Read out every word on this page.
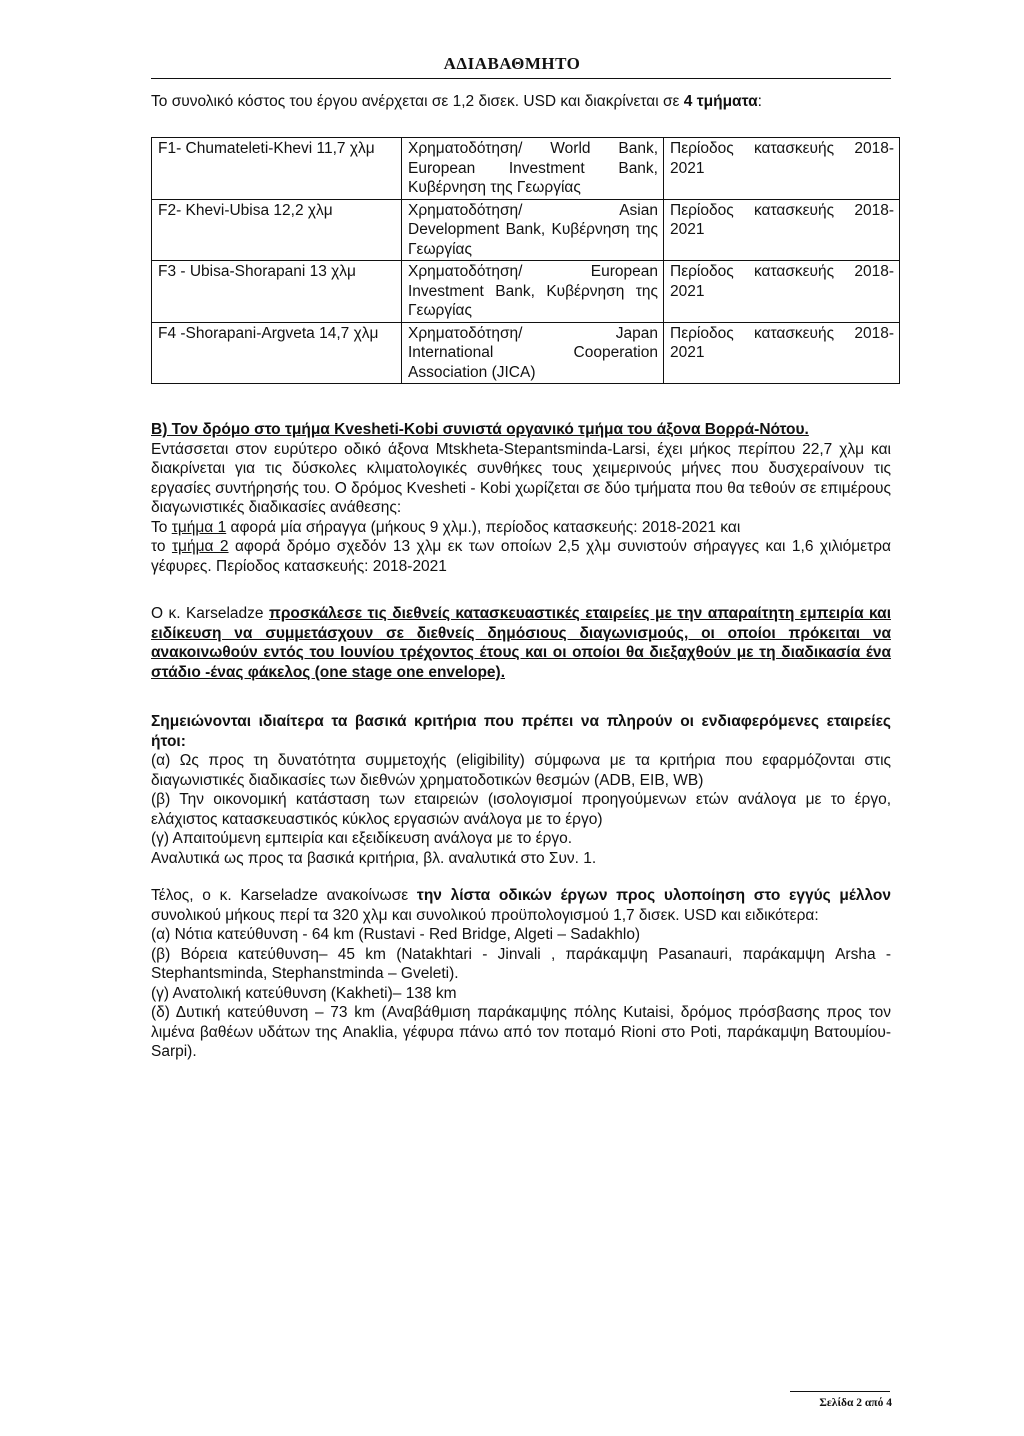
ΑΔΙΑΒΑΘΜΗΤΟ
Το συνολικό κόστος του έργου ανέρχεται σε 1,2 δισεκ. USD και διακρίνεται σε 4 τμήματα:
F1- Chumateleti-Khevi 11,7 χλμ	Χρηματοδότηση/ World Bank, European Investment Bank, Κυβέρνηση της Γεωργίας	Περίοδος κατασκευής 2018-2021
F2- Khevi-Ubisa 12,2 χλμ	Χρηματοδότηση/ Asian Development Bank, Κυβέρνηση της Γεωργίας	Περίοδος κατασκευής 2018-2021
F3 - Ubisa-Shorapani 13 χλμ	Χρηματοδότηση/ European Investment Bank, Κυβέρνηση της Γεωργίας	Περίοδος κατασκευής 2018-2021
F4 -Shorapani-Argveta 14,7 χλμ	Χρηματοδότηση/ Japan International Cooperation Association (JICA)	Περίοδος κατασκευής 2018-2021

Β) Τον δρόμο στο τμήμα Kvesheti-Kobi συνιστά οργανικό τμήμα του άξονα Βορρά-Νότου.

Εντάσσεται στον ευρύτερο οδικό άξονα Mtskheta-Stepantsminda-Larsi, έχει μήκος περίπου 22,7 χλμ και διακρίνεται για τις δύσκολες κλιματολογικές συνθήκες τους χειμερινούς μήνες που δυσχεραίνουν τις εργασίες συντήρησής του. Ο δρόμος Kvesheti - Kobi χωρίζεται σε δύο τμήματα που θα τεθούν σε επιμέρους διαγωνιστικές διαδικασίες ανάθεσης:

Το τμήμα 1 αφορά μία σήραγγα (μήκους 9 χλμ.), περίοδος κατασκευής: 2018-2021 και

το τμήμα 2 αφορά δρόμο σχεδόν 13 χλμ εκ των οποίων 2,5 χλμ συνιστούν σήραγγες και 1,6 χιλιόμετρα γέφυρες. Περίοδος κατασκευής: 2018-2021

Ο κ. Karseladze προσκάλεσε τις διεθνείς κατασκευαστικές εταιρείες με την απαραίτητη εμπειρία και ειδίκευση να συμμετάσχουν σε διεθνείς δημόσιους διαγωνισμούς, οι οποίοι πρόκειται να ανακοινωθούν εντός του Ιουνίου τρέχοντος έτους και οι οποίοι θα διεξαχθούν με τη διαδικασία ένα στάδιο -ένας φάκελος (one stage one envelope).

Σημειώνονται ιδιαίτερα τα βασικά κριτήρια που πρέπει να πληρούν οι ενδιαφερόμενες εταιρείες ήτοι:

(α) Ως προς τη δυνατότητα συμμετοχής (eligibility) σύμφωνα με τα κριτήρια που εφαρμόζονται στις διαγωνιστικές διαδικασίες των διεθνών χρηματοδοτικών θεσμών (ADB, EIB, WB)

(β) Την οικονομική κατάσταση των εταιρειών (ισολογισμοί προηγούμενων ετών ανάλογα με το έργο, ελάχιστος κατασκευαστικός κύκλος εργασιών ανάλογα με το έργο)

(γ) Απαιτούμενη εμπειρία και εξειδίκευση ανάλογα με το έργο.

Αναλυτικά ως προς τα βασικά κριτήρια, βλ. αναλυτικά στο Συν. 1.

Τέλος, ο κ. Karseladze ανακοίνωσε την λίστα οδικών έργων προς υλοποίηση στο εγγύς μέλλον συνολικού μήκους περί τα 320 χλμ και συνολικού προϋπολογισμού 1,7 δισεκ. USD και ειδικότερα:

(α) Νότια κατεύθυνση - 64 km (Rustavi - Red Bridge, Algeti – Sadakhlo)

(β) Βόρεια κατεύθυνση– 45 km (Natakhtari - Jinvali , παράκαμψη Pasanauri, παράκαμψη Arsha - Stephantsminda, Stephanstminda – Gveleti).

(γ) Ανατολική κατεύθυνση (Kakheti)– 138 km

(δ) Δυτική κατεύθυνση – 73 km (Αναβάθμιση παράκαμψης πόλης Kutaisi, δρόμος πρόσβασης προς τον λιμένα βαθέων υδάτων της Anaklia, γέφυρα πάνω από τον ποταμό Rioni στο Poti, παράκαμψη Βατουμίου- Sarpi).

Σελίδα 2 από 4
